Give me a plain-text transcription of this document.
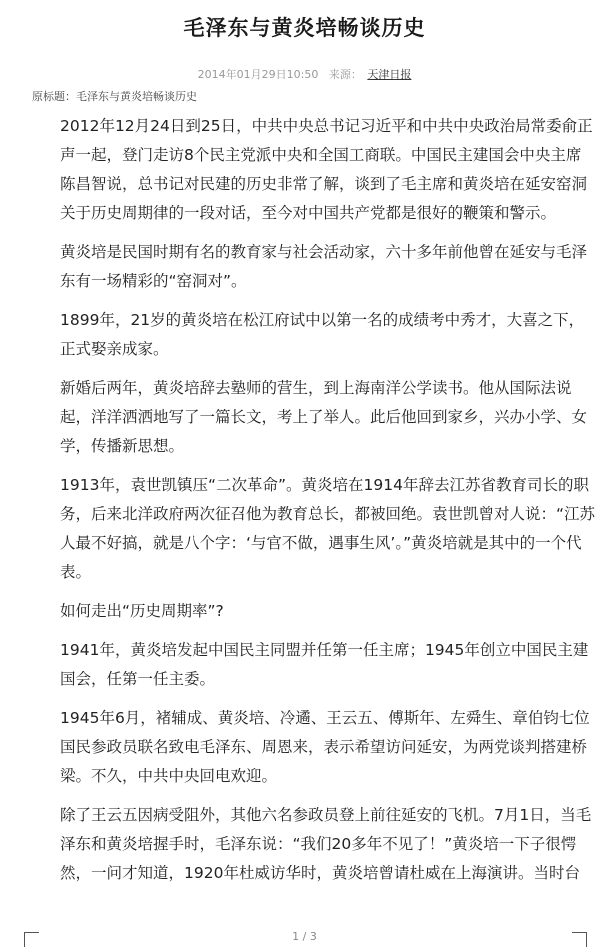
毛泽东与黄炎培畅谈历史
2014年01月29日10:50 来源： 天津日报
原标题：毛泽东与黄炎培畅谈历史

2012年12月24日到25日，中共中央总书记习近平和中共中央政治局常委俞正声一起，登门走访8个民主党派中央和全国工商联。中国民主建国会中央主席陈昌智说，总书记对民建的历史非常了解，谈到了毛主席和黄炎培在延安窑洞关于历史周期律的一段对话，至今对中国共产党都是很好的鞭策和警示。

黄炎培是民国时期有名的教育家与社会活动家，六十多年前他曾在延安与毛泽东有一场精彩的“窑洞对”。

1899年，21岁的黄炎培在松江府试中以第一名的成绩考中秀才，大喜之下，正式娶亲成家。

新婚后两年，黄炎培辞去塾师的营生，到上海南洋公学读书。他从国际法说起，洋洋洒洒地写了一篇长文，考上了举人。此后他回到家乡，兴办小学、女学，传播新思想。

1913年，袁世凯镇压“二次革命”。黄炎培在1914年辞去江苏省教育司长的职务，后来北洋政府两次征召他为教育总长，都被回绝。袁世凯曾对人说：“江苏人最不好搞，就是八个字：‘与官不做，遇事生风’。”黄炎培就是其中的一个代表。

如何走出“历史周期率”?

1941年，黄炎培发起中国民主同盟并任第一任主席；1945年创立中国民主建国会，任第一任主委。

1945年6月，褚辅成、黄炎培、冷遹、王云五、傅斯年、左舜生、章伯钧七位国民参政员联名致电毛泽东、周恩来，表示希望访问延安，为两党谈判搭建桥梁。不久，中共中央回电欢迎。

除了王云五因病受阻外，其他六名参政员登上前往延安的飞机。7月1日，当毛泽东和黄炎培握手时，毛泽东说：“我们20多年不见了！”黄炎培一下子很愕然，一问才知道，1920年杜威访华时，黄炎培曾请杜威在上海演讲。当时台

1 / 3
